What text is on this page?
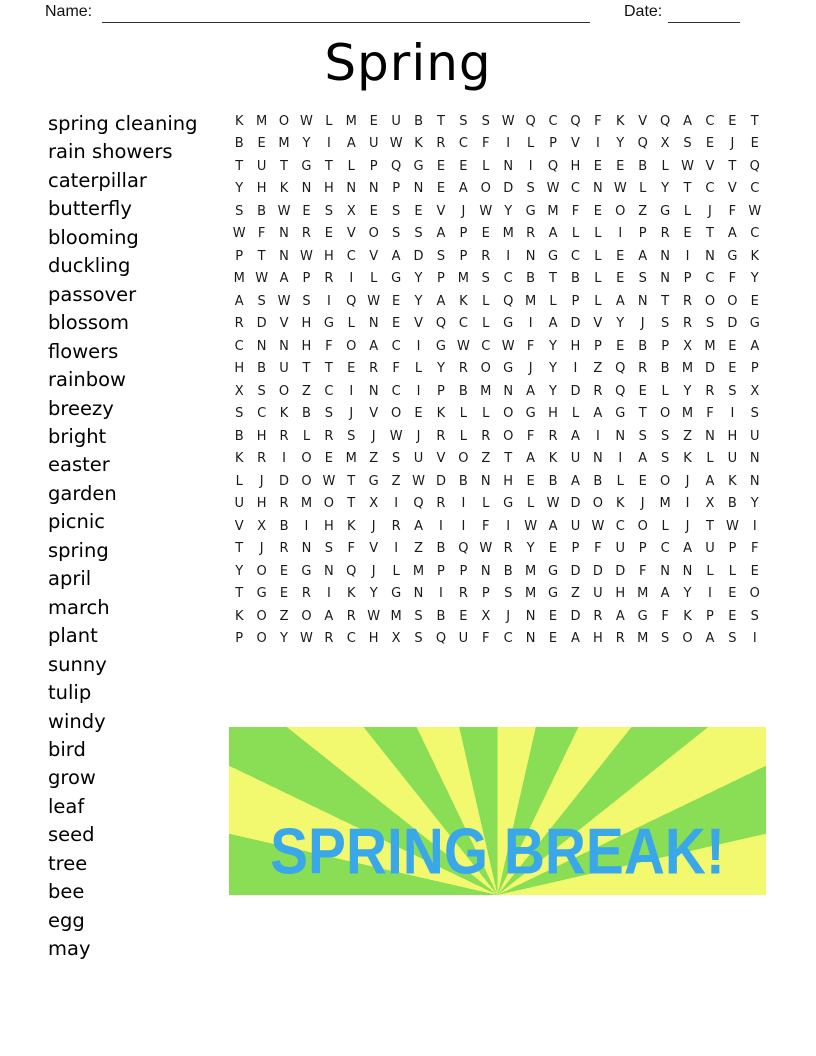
Name:	Date:
Spring
spring cleaning
rain showers
caterpillar
butterfly
blooming
duckling
passover
blossom
flowers
rainbow
breezy
bright
easter
garden
picnic
spring
april
march
plant
sunny
tulip
windy
bird
grow
leaf
seed
tree
bee
egg
may
K M O W L	M E	U	B	T	S	S W Q C Q	F	K	V Q A	C	E	T
B	E M Y	I	A	U W K	R	C	F	I	L	P	V	I	Y	Q X	S	E	J	E
T	U	T	G	T	L	P	Q G	E	E	L	N	I	Q H	E	E	B	L W V	T	Q
Y	H	K	N H N N	P	N	E	A O D	S W C	N W L	Y	T	C	V	C
S	B W E	S	X	E	S	E	V	J	W Y	G M	F	E	O Z G	L	J	F W
W F	N	R	E	V O	S	S	A	P	E M R	A	L	L	I	P	R	E	T	A	C
P	T	N W H C	V	A D	S	P	R	I	N G C	L	E	A	N	I	N G	K
M W A	P	R	I	L	G	Y	P M S	C	B	T	B	L	E	S	N	P	C	F	Y
A	S W S	I	Q W E	Y	A	K	L	Q M	L	P	L	A	N	T	R O O	E
R D V	H G	L	N	E	V Q C	L	G	I	A D V	Y	J	S	R	S	D G
C	N N H	F	O A	C	I	G W C W F	Y	H	P	E	B	P	X M E	A
H	B	U	T	T	E	R	F	L	Y	R O G	J	Y	I	Z Q R	B M D	E	P
X	S	O Z	C	I	N	C	I	P	B M N	A	Y	D R Q	E	L	Y	R	S	X
S	C	K	B	S	J	V O	E	K	L	L	O G H	L	A G	T	O M	F	I	S
B	H	R	L	R	S	J	W	J	R	L	R O	F	R	A	I	N	S	S	Z	N H U
K	R	I	O	E M Z	S	U	V O Z	T	A	K	U N	I	A	S	K	L	U N
L	J	D O W T	G Z W D B	N H	E	B	A	B	L	E	O	J	A	K	N
U H	R M O	T	X	I	Q R	I	L	G	L W D O	K	J	M	I	X	B	Y
V	X	B	I	H	K	J	R	A	I	I	F	I	W A	U W C O	L	J	T W	I
T	J	R	N	S	F	V	I	Z	B Q W R	Y	E	P	F	U	P	C	A	U	P	F
Y	O	E	G N Q	J	L	M P	P	N	B M G D D D	F	N N	L	L	E
T	G	E	R	I	K	Y	G N	I	R	P	S M G Z	U H M A	Y	I	E	O
K	O Z O A	R W M S	B	E	X	J	N	E	D R	A G	F	K	P	E	S
P	O	Y W R	C H	X	S	Q U	F	C	N	E	A	H	R M S	O A	S	I
SPRING BREAK!
